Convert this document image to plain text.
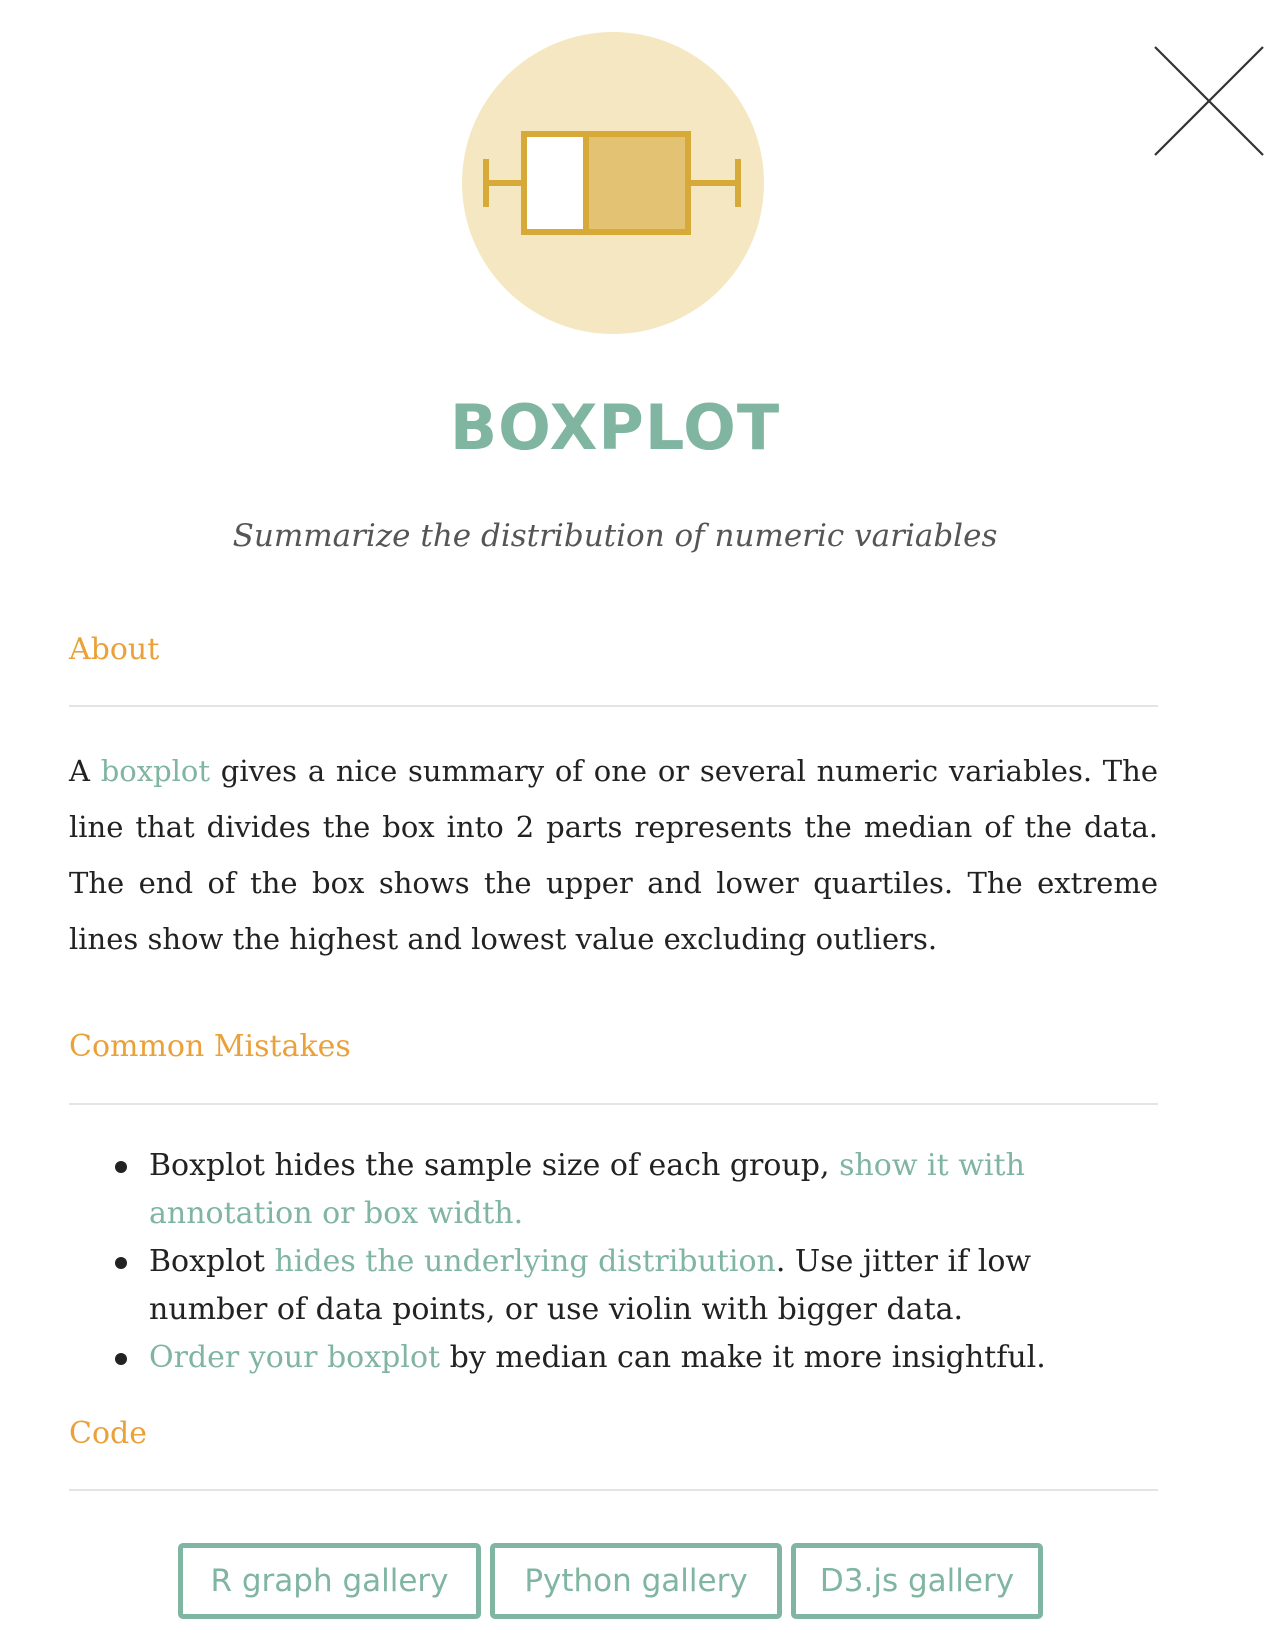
BOXPLOT
Summarize the distribution of numeric variables
About
A boxplot gives a nice summary of one or several numeric variables. The line that divides the box into 2 parts represents the median of the data. The end of the box shows the upper and lower quartiles. The extreme lines show the highest and lowest value excluding outliers.
Common Mistakes
Boxplot hides the sample size of each group, show it with annotation or box width.
Boxplot hides the underlying distribution. Use jitter if low number of data points, or use violin with bigger data.
Order your boxplot by median can make it more insightful.
Code
R graph gallery	Python gallery	D3.js gallery
